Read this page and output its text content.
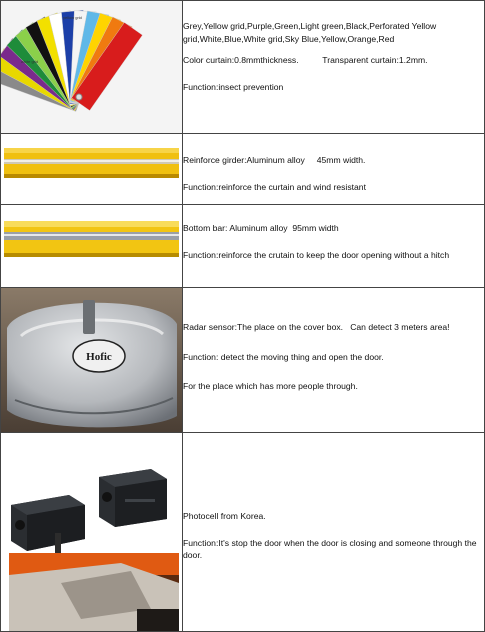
yellow grid
white grid

Grey,Yellow grid,Purple,Green,Light green,Black,Perforated Yellow grid,White,Blue,White grid,Sky Blue,Yellow,Orange,Red

Color curtain:0.8mmthickness.          Transparent curtain:1.2mm.

Function:insect prevention

Reinforce girder:Aluminum alloy     45mm width.

Function:reinforce the curtain and wind resistant

Bottom bar: Aluminum alloy  95mm width

Function:reinforce the crutain to keep the door opening without a hitch

Hofic

Radar sensor:The place on the cover box.   Can detect 3 meters area!

Function: detect the moving thing and open the door.

For the place which has more people through.

Photocell from Korea.

Function:It's stop the door when the door is closing and someone through the door.
